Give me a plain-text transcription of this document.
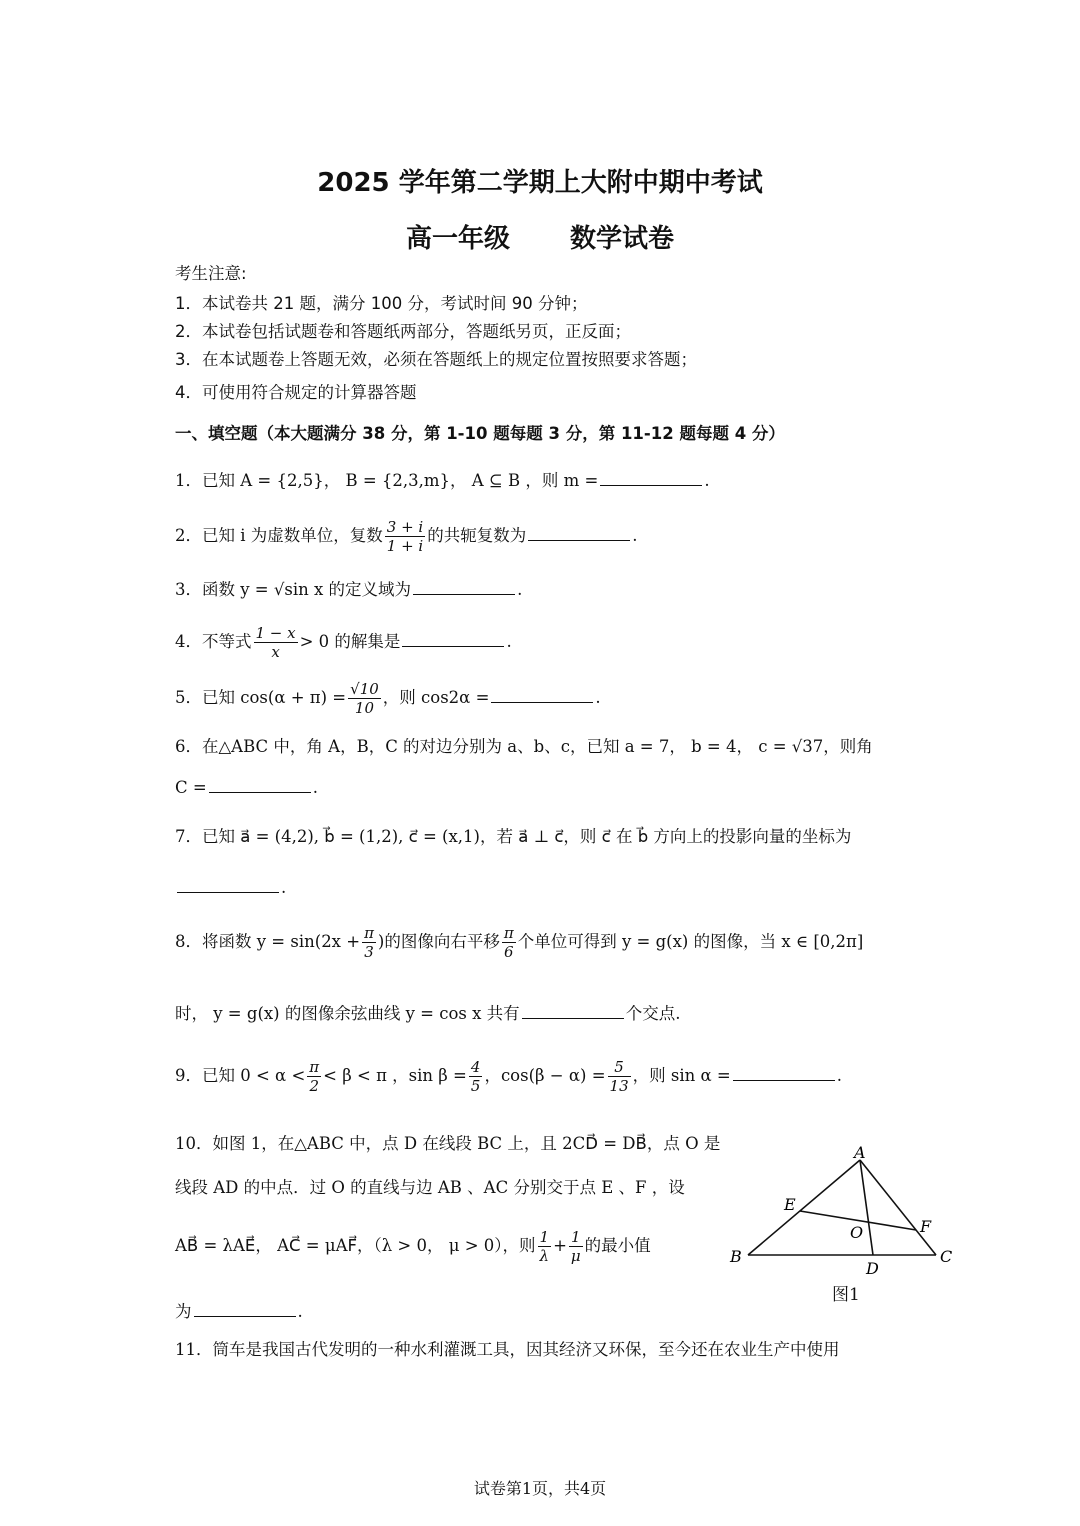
2025 学年第二学期上大附中期中考试
高一年级 数学试卷
考生注意:
1．本试卷共 21 题，满分 100 分，考试时间 90 分钟；
2．本试卷包括试题卷和答题纸两部分，答题纸另页，正反面；
3．在本试题卷上答题无效，必须在答题纸上的规定位置按照要求答题；
4．可使用符合规定的计算器答题
一、填空题（本大题满分 38 分，第 1-10 题每题 3 分，第 11-12 题每题 4 分）
1．已知 A = {2,5}， B = {2,3,m}， A ⊆ B ，则 m =	.
2．已知 i 为虚数单位，复数 $\frac{3 + i}{1 + i}$ 的共轭复数为	.
3．函数 y = √sin x 的定义域为	.
4．不等式 $\frac{1 - x}{x} > 0$ 的解集是	.
5．已知 $\cos(\alpha + \pi) = \frac{√10}{10}$ ，则 cos2α =	.
6．在△ABC 中，角 A，B，C 的对边分别为 a、b、c，已知 a = 7， b = 4， c = √37，则角
C =	.
7．已知 a⃗ = (4,2), b⃗ = (1,2), c⃗ = (x,1)，若 a⃗ ⊥ c⃗，则 c⃗ 在 b⃗ 方向上的投影向量的坐标为
.
8．将函数 $y = \sin(2x + \frac{\pi}{3}$ )的图像向右平移 $\frac{\pi}{6}$ 个单位可得到 y = g(x) 的图像，当 x ∈ [0,2π]
时， y = g(x) 的图像余弦曲线 y = cos x 共有	个交点.
9．已知 $0 < \alpha < \frac{\pi}{2} < \beta < \pi$ ，$\sin \beta = \frac{4}{5}$ ，$\cos(\beta - \alpha) = \frac{5}{13}$ ，则 sin α =	.
10．如图 1，在△ABC 中，点 D 在线段 BC 上，且 2CD⃗ = DB⃗，点 O 是
线段 AD 的中点．过 O 的直线与边 AB 、AC 分别交于点 E 、F ，设
AB⃗ = λAE⃗， AC⃗ = μAF⃗，（λ > 0， μ > 0），则 $\frac{1}{\lambda} + \frac{1}{\mu}$ 的最小值
为	.
A
B	C
D
E
F
O
图1
11．筒车是我国古代发明的一种水利灌溉工具，因其经济又环保，至今还在农业生产中使用
试卷第1页，共4页
